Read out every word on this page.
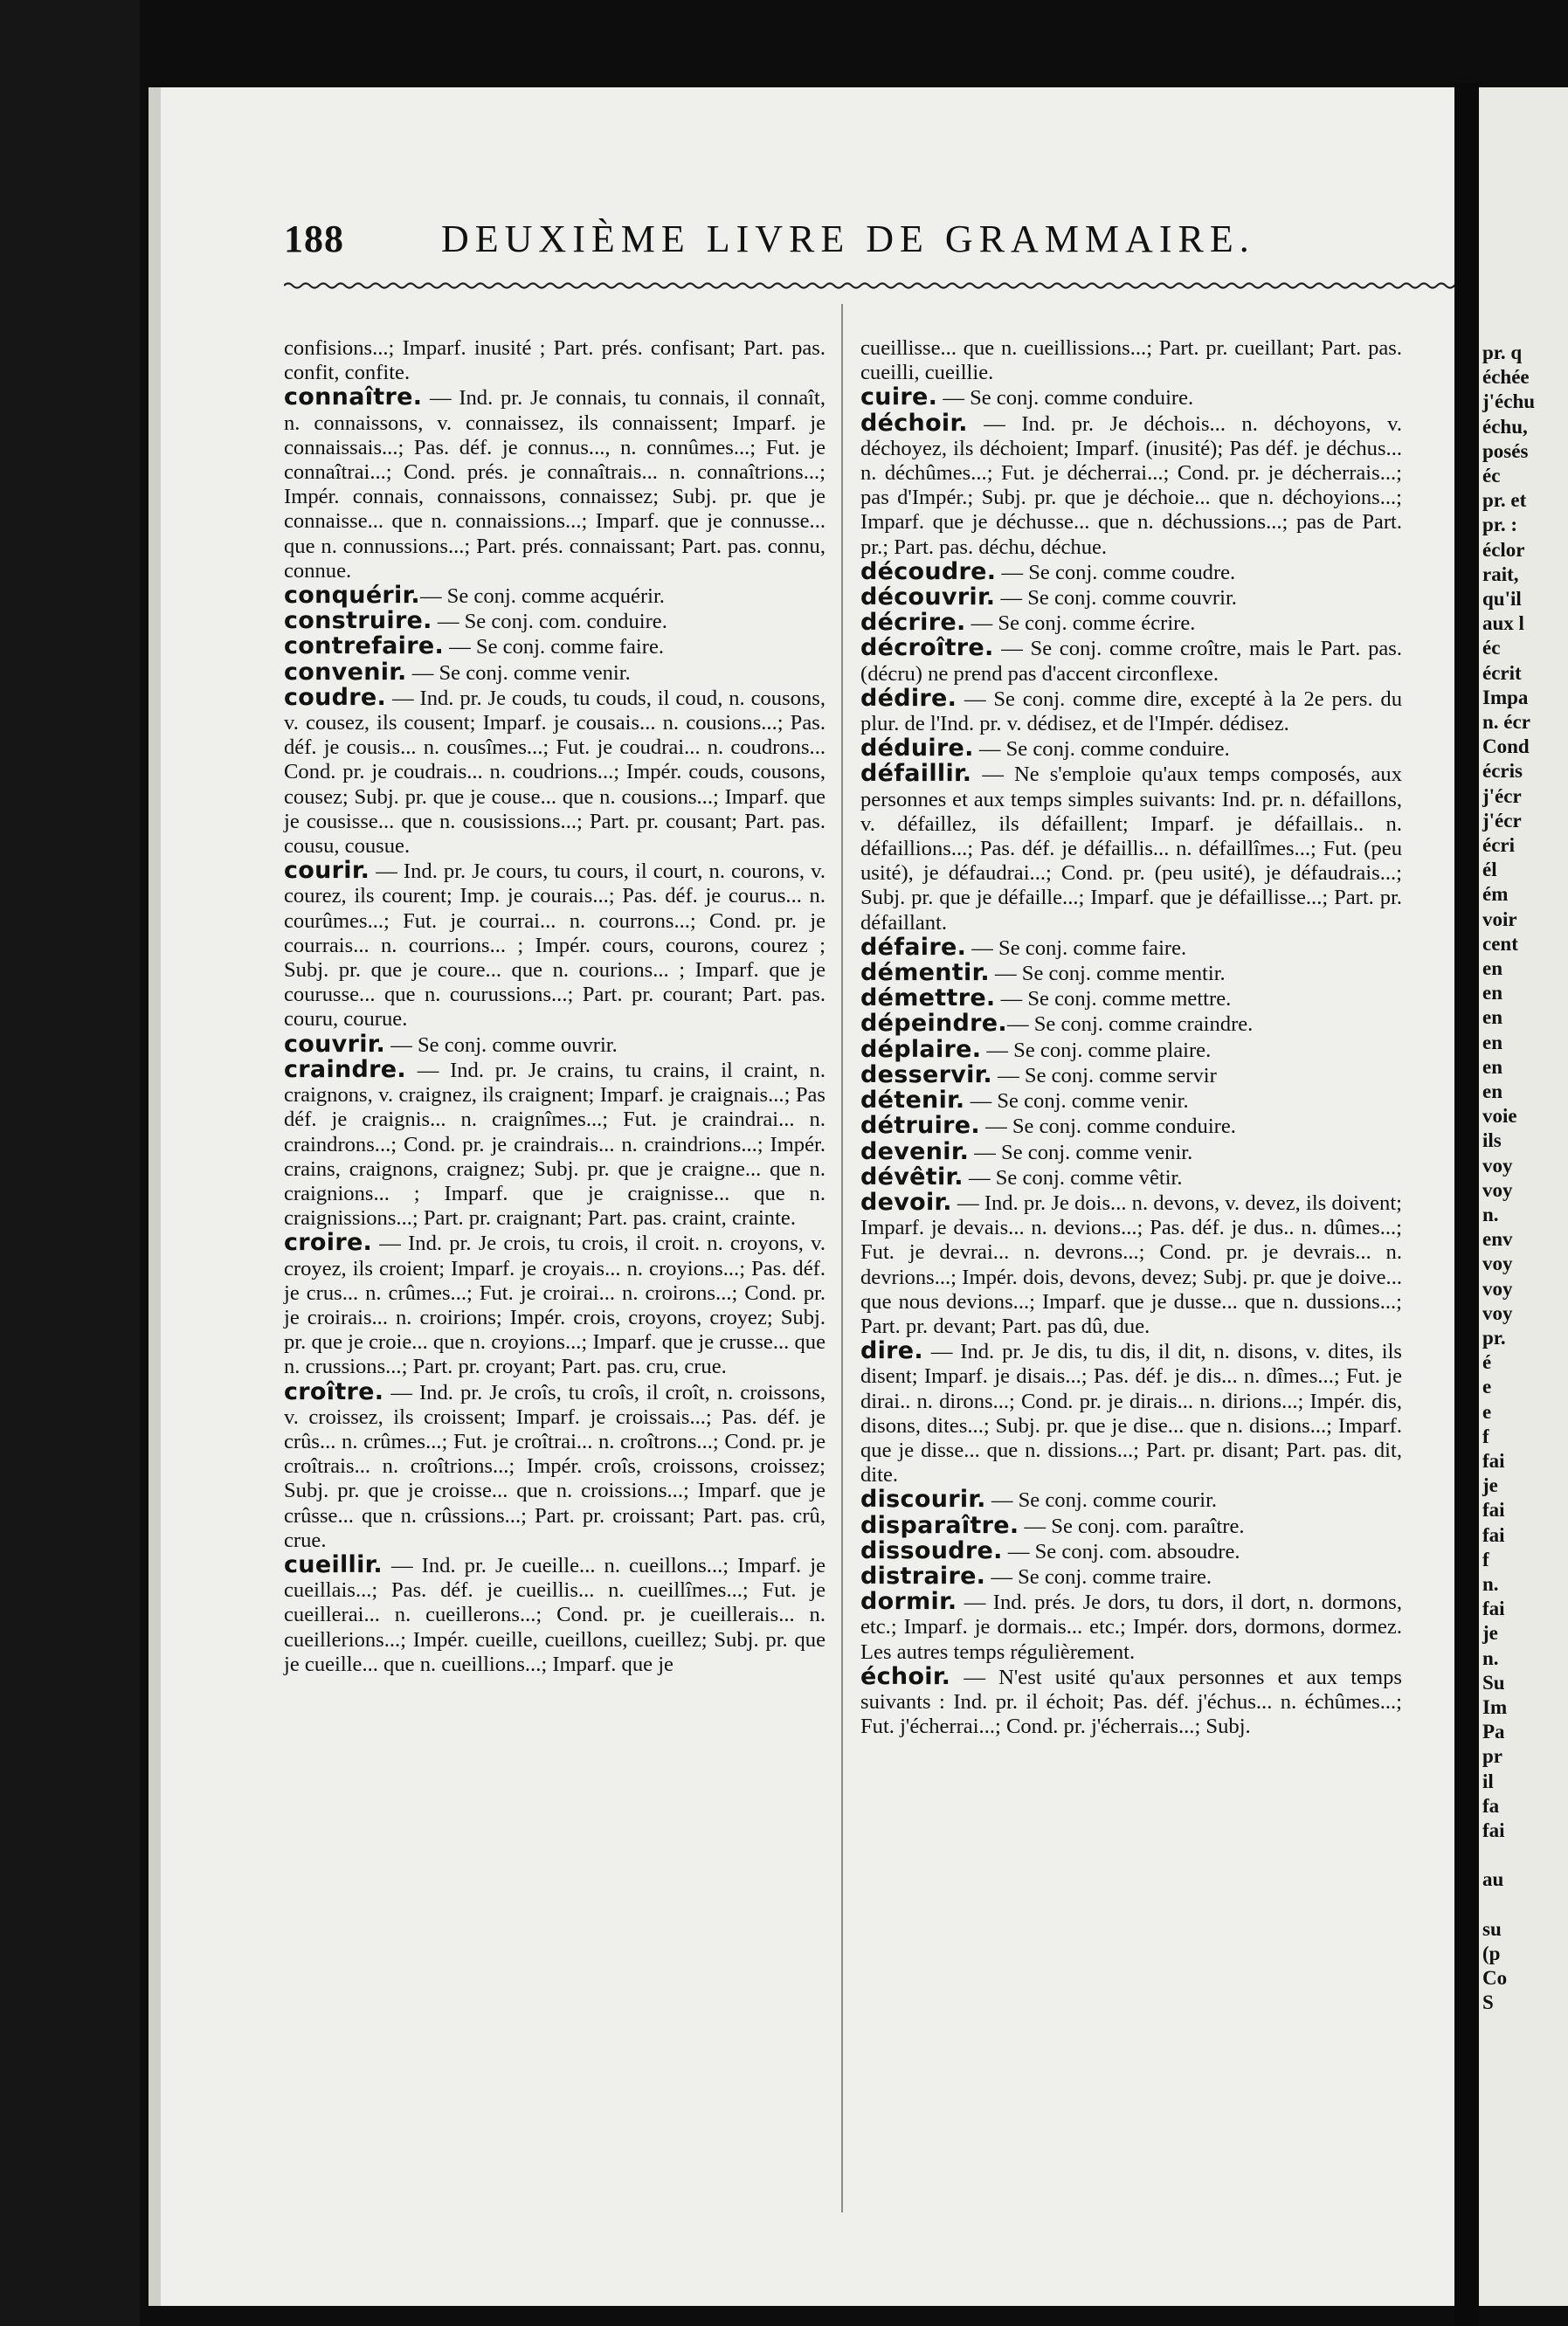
188	DEUXIÈME LIVRE DE GRAMMAIRE.

confisions...; Imparf. inusité ; Part. prés. confisant; Part. pas. confit, confite.

connaître. — Ind. pr. Je connais, tu connais, il connaît, n. connaissons, v. connaissez, ils connaissent; Imparf. je connaissais...; Pas. déf. je connus..., n. connûmes...; Fut. je connaîtrai...; Cond. prés. je connaîtrais... n. connaîtrions...; Impér. connais, connaissons, connaissez; Subj. pr. que je connaisse... que n. connaissions...; Imparf. que je connusse... que n. connussions...; Part. prés. connaissant; Part. pas. connu, connue.

conquérir.— Se conj. comme acquérir.

construire. — Se conj. com. conduire.

contrefaire. — Se conj. comme faire.

convenir. — Se conj. comme venir.

coudre. — Ind. pr. Je couds, tu couds, il coud, n. cousons, v. cousez, ils cousent; Imparf. je cousais... n. cousions...; Pas. déf. je cousis... n. cousîmes...; Fut. je coudrai... n. coudrons... Cond. pr. je coudrais... n. coudrions...; Impér. couds, cousons, cousez; Subj. pr. que je couse... que n. cousions...; Imparf. que je cousisse... que n. cousissions...; Part. pr. cousant; Part. pas. cousu, cousue.

courir. — Ind. pr. Je cours, tu cours, il court, n. courons, v. courez, ils courent; Imp. je courais...; Pas. déf. je courus... n. courûmes...; Fut. je courrai... n. courrons...; Cond. pr. je courrais... n. courrions... ; Impér. cours, courons, courez ; Subj. pr. que je coure... que n. courions... ; Imparf. que je courusse... que n. courussions...; Part. pr. courant; Part. pas. couru, courue.

couvrir. — Se conj. comme ouvrir.

craindre. — Ind. pr. Je crains, tu crains, il craint, n. craignons, v. craignez, ils craignent; Imparf. je craignais...; Pas déf. je craignis... n. craignîmes...; Fut. je craindrai... n. craindrons...; Cond. pr. je craindrais... n. craindrions...; Impér. crains, craignons, craignez; Subj. pr. que je craigne... que n. craignions... ; Imparf. que je craignisse... que n. craignissions...; Part. pr. craignant; Part. pas. craint, crainte.

croire. — Ind. pr. Je crois, tu crois, il croit. n. croyons, v. croyez, ils croient; Imparf. je croyais... n. croyions...; Pas. déf. je crus... n. crûmes...; Fut. je croirai... n. croirons...; Cond. pr. je croirais... n. croirions; Impér. crois, croyons, croyez; Subj. pr. que je croie... que n. croyions...; Imparf. que je crusse... que n. crussions...; Part. pr. croyant; Part. pas. cru, crue.

croître. — Ind. pr. Je croîs, tu croîs, il croît, n. croissons, v. croissez, ils croissent; Imparf. je croissais...; Pas. déf. je crûs... n. crûmes...; Fut. je croîtrai... n. croîtrons...; Cond. pr. je croîtrais... n. croîtrions...; Impér. croîs, croissons, croissez; Subj. pr. que je croisse... que n. croissions...; Imparf. que je crûsse... que n. crûssions...; Part. pr. croissant; Part. pas. crû, crue.

cueillir. — Ind. pr. Je cueille... n. cueillons...; Imparf. je cueillais...; Pas. déf. je cueillis... n. cueillîmes...; Fut. je cueillerai... n. cueillerons...; Cond. pr. je cueillerais... n. cueillerions...; Impér. cueille, cueillons, cueillez; Subj. pr. que je cueille... que n. cueillions...; Imparf. que je

cueillisse... que n. cueillissions...; Part. pr. cueillant; Part. pas. cueilli, cueillie.

cuire. — Se conj. comme conduire.

déchoir. — Ind. pr. Je déchois... n. déchoyons, v. déchoyez, ils déchoient; Imparf. (inusité); Pas déf. je déchus... n. déchûmes...; Fut. je décherrai...; Cond. pr. je décherrais...; pas d'Impér.; Subj. pr. que je déchoie... que n. déchoyions...; Imparf. que je déchusse... que n. déchussions...; pas de Part. pr.; Part. pas. déchu, déchue.

découdre. — Se conj. comme coudre.

découvrir. — Se conj. comme couvrir.

décrire. — Se conj. comme écrire.

décroître. — Se conj. comme croître, mais le Part. pas. (décru) ne prend pas d'accent circonflexe.

dédire. — Se conj. comme dire, excepté à la 2e pers. du plur. de l'Ind. pr. v. dédisez, et de l'Impér. dédisez.

déduire. — Se conj. comme conduire.

défaillir. — Ne s'emploie qu'aux temps composés, aux personnes et aux temps simples suivants: Ind. pr. n. défaillons, v. défaillez, ils défaillent; Imparf. je défaillais.. n. défaillions...; Pas. déf. je défaillis... n. défaillîmes...; Fut. (peu usité), je défaudrai...; Cond. pr. (peu usité), je défaudrais...; Subj. pr. que je défaille...; Imparf. que je défaillisse...; Part. pr. défaillant.

défaire. — Se conj. comme faire.

démentir. — Se conj. comme mentir.

démettre. — Se conj. comme mettre.

dépeindre.— Se conj. comme craindre.

déplaire. — Se conj. comme plaire.

desservir. — Se conj. comme servir

détenir. — Se conj. comme venir.

détruire. — Se conj. comme conduire.

devenir. — Se conj. comme venir.

dévêtir. — Se conj. comme vêtir.

devoir. — Ind. pr. Je dois... n. devons, v. devez, ils doivent; Imparf. je devais... n. devions...; Pas. déf. je dus.. n. dûmes...; Fut. je devrai... n. devrons...; Cond. pr. je devrais... n. devrions...; Impér. dois, devons, devez; Subj. pr. que je doive... que nous devions...; Imparf. que je dusse... que n. dussions...; Part. pr. devant; Part. pas dû, due.

dire. — Ind. pr. Je dis, tu dis, il dit, n. disons, v. dites, ils disent; Imparf. je disais...; Pas. déf. je dis... n. dîmes...; Fut. je dirai.. n. dirons...; Cond. pr. je dirais... n. dirions...; Impér. dis, disons, dites...; Subj. pr. que je dise... que n. disions...; Imparf. que je disse... que n. dissions...; Part. pr. disant; Part. pas. dit, dite.

discourir. — Se conj. comme courir.

disparaître. — Se conj. com. paraître.

dissoudre. — Se conj. com. absoudre.

distraire. — Se conj. comme traire.

dormir. — Ind. prés. Je dors, tu dors, il dort, n. dormons, etc.; Imparf. je dormais... etc.; Impér. dors, dormons, dormez. Les autres temps régulièrement.

échoir. — N'est usité qu'aux personnes et aux temps suivants : Ind. pr. il échoit; Pas. déf. j'échus... n. échûmes...; Fut. j'écherrai...; Cond. pr. j'écherrais...; Subj.

pr. q
échée
j'échu
échu,
posés
éc
pr. et
pr. :
éclor
rait,
qu'il
aux l
éc
écrit
Impa
n. écr
Cond
écris
j'écr
j'écr
écri
él
ém
voir
cent
en
en
en
en
en
en
voie
ils
voy
voy
n.
env
voy
voy
voy
pr.
é
e
e
f
fai
je
fai
fai
f
n.
fai
je
n.
Su
Im
Pa
pr
il
fa
fai
au
su
(p
Co
S
